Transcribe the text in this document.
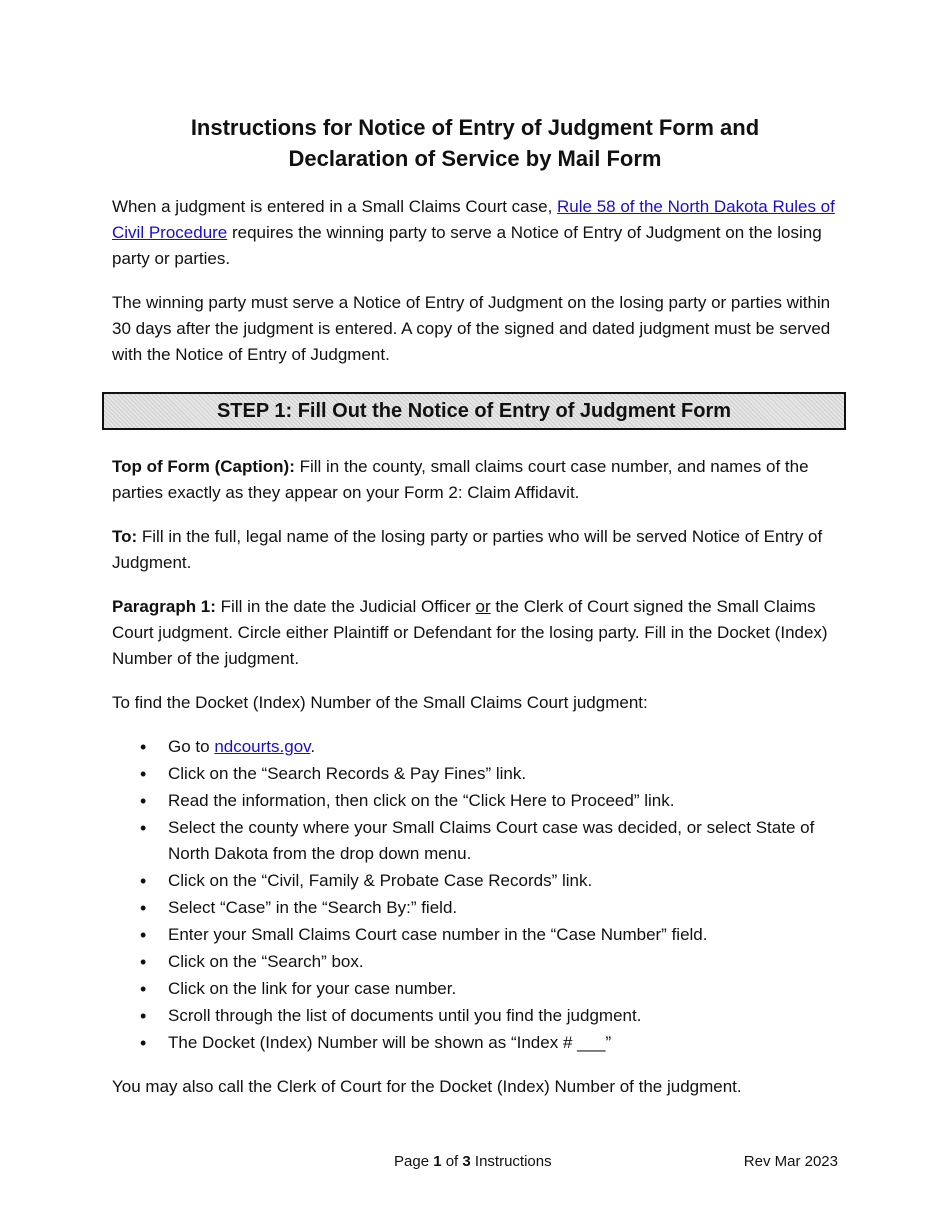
Instructions for Notice of Entry of Judgment Form and
Declaration of Service by Mail Form

When a judgment is entered in a Small Claims Court case, Rule 58 of the North Dakota Rules of Civil Procedure requires the winning party to serve a Notice of Entry of Judgment on the losing party or parties.

The winning party must serve a Notice of Entry of Judgment on the losing party or parties within 30 days after the judgment is entered. A copy of the signed and dated judgment must be served with the Notice of Entry of Judgment.

STEP 1: Fill Out the Notice of Entry of Judgment Form

Top of Form (Caption): Fill in the county, small claims court case number, and names of the parties exactly as they appear on your Form 2: Claim Affidavit.

To: Fill in the full, legal name of the losing party or parties who will be served Notice of Entry of Judgment.

Paragraph 1: Fill in the date the Judicial Officer or the Clerk of Court signed the Small Claims Court judgment. Circle either Plaintiff or Defendant for the losing party. Fill in the Docket (Index) Number of the judgment.

To find the Docket (Index) Number of the Small Claims Court judgment:

• Go to ndcourts.gov.
• Click on the “Search Records & Pay Fines” link.
• Read the information, then click on the “Click Here to Proceed” link.
• Select the county where your Small Claims Court case was decided, or select State of North Dakota from the drop down menu.
• Click on the “Civil, Family & Probate Case Records” link.
• Select “Case” in the “Search By:” field.
• Enter your Small Claims Court case number in the “Case Number” field.
• Click on the “Search” box.
• Click on the link for your case number.
• Scroll through the list of documents until you find the judgment.
• The Docket (Index) Number will be shown as “Index # ___”

You may also call the Clerk of Court for the Docket (Index) Number of the judgment.

Page 1 of 3 Instructions	Rev Mar 2023
